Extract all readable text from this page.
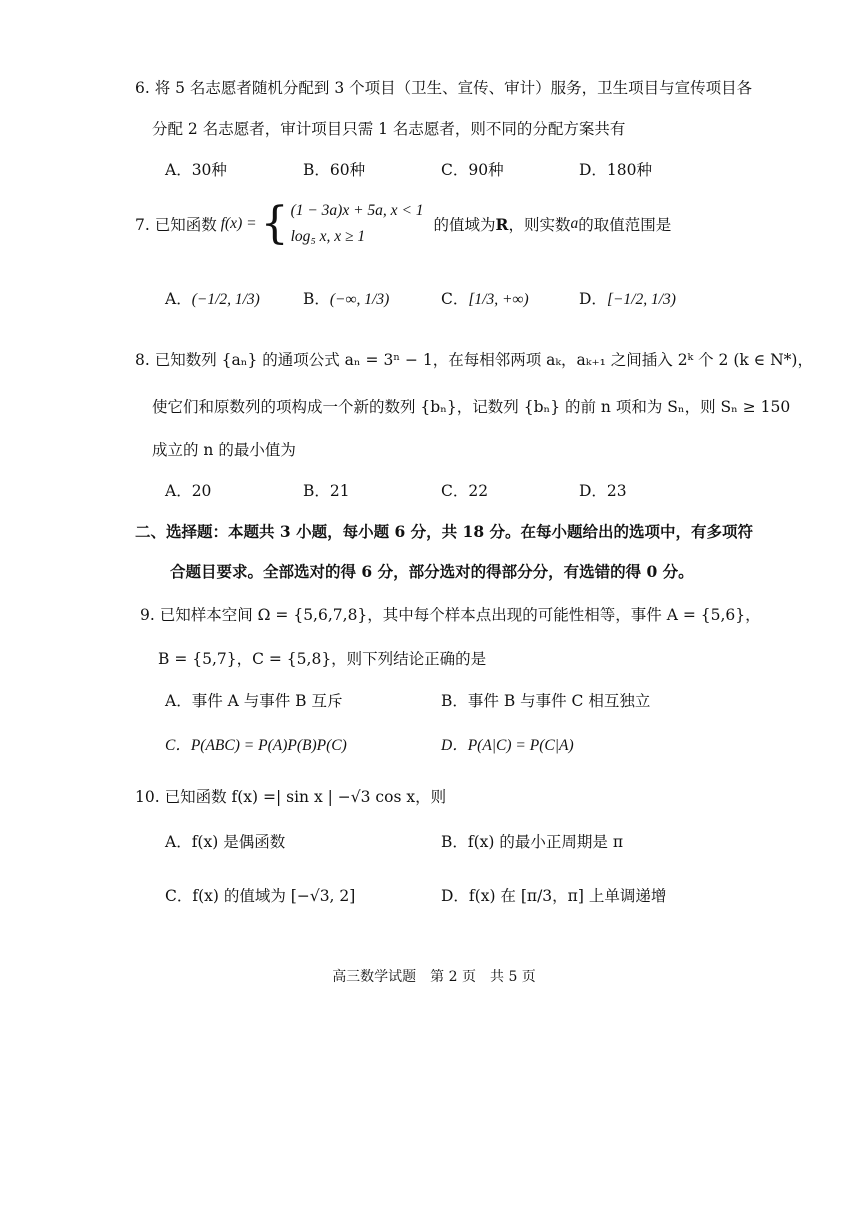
6. 将 5 名志愿者随机分配到 3 个项目（卫生、宣传、审计）服务，卫生项目与宣传项目各
分配 2 名志愿者，审计项目只需 1 名志愿者，则不同的分配方案共有
A．30种	B．60种	C．90种	D．180种
7. 已知函数 f(x) = { (1 − 3a)x + 5a, x < 1
log₅ x, x ≥ 1
的值域为 R ，则实数 a 的取值范围是
A．(−1/2, 1/3)	B．(−∞, 1/3)	C．[1/3, +∞)	D．[−1/2, 1/3)
8. 已知数列 {aₙ} 的通项公式 aₙ = 3ⁿ − 1，在每相邻两项 aₖ，aₖ₊₁ 之间插入 2ᵏ 个 2 (k ∈ N*)，
使它们和原数列的项构成一个新的数列 {bₙ}，记数列 {bₙ} 的前 n 项和为 Sₙ，则 Sₙ ≥ 150
成立的 n 的最小值为
A．20	B．21	C．22	D．23
二、选择题：本题共 3 小题，每小题 6 分，共 18 分。在每小题给出的选项中，有多项符
合题目要求。全部选对的得 6 分，部分选对的得部分分，有选错的得 0 分。
9. 已知样本空间 Ω = {5,6,7,8}，其中每个样本点出现的可能性相等，事件 A = {5,6}，
B = {5,7}，C = {5,8}，则下列结论正确的是
A．事件 A 与事件 B 互斥	B．事件 B 与事件 C 相互独立
C．P(ABC) = P(A)P(B)P(C)	D．P(A|C) = P(C|A)
10. 已知函数 f(x) =| sin x | −√3 cos x，则
A．f(x) 是偶函数	B．f(x) 的最小正周期是 π
C．f(x) 的值域为 [−√3, 2]	D．f(x) 在 [π/3，π] 上单调递增
高三数学试题　第 2 页　共 5 页
